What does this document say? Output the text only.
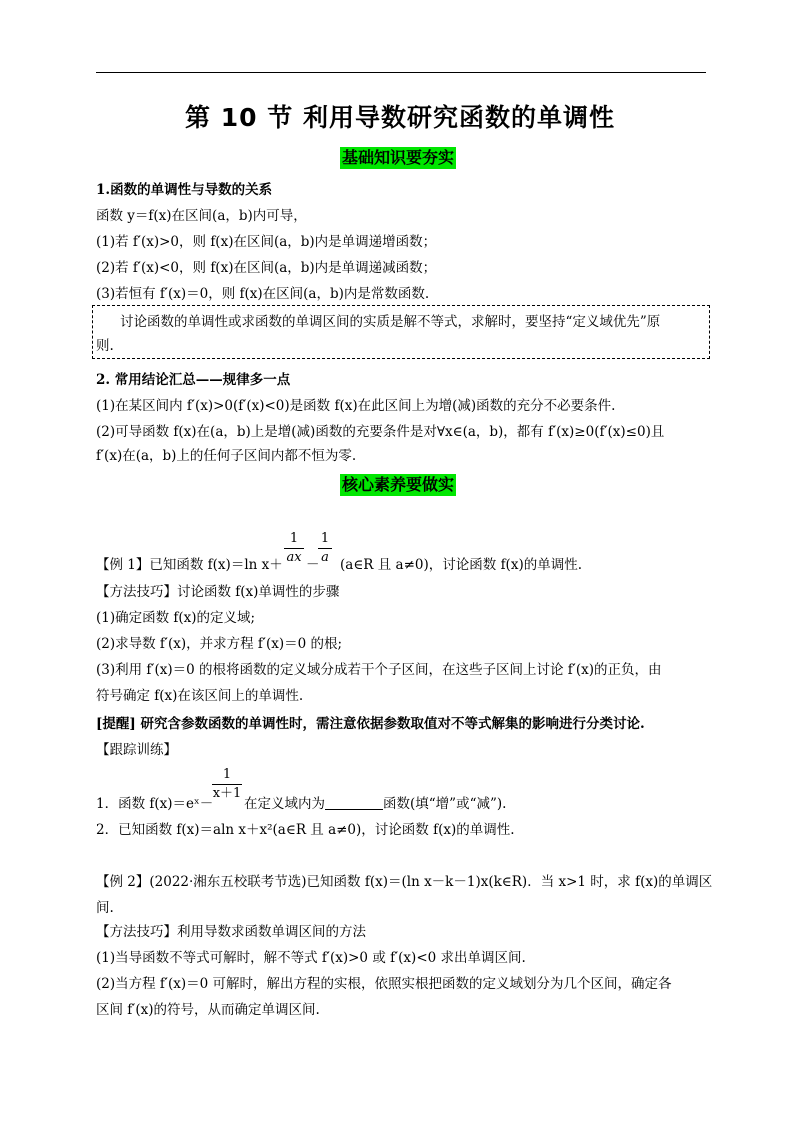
第 10 节 利用导数研究函数的单调性
基础知识要夯实
1.函数的单调性与导数的关系
函数 y＝f(x)在区间(a，b)内可导，
(1)若 f′(x)>0，则 f(x)在区间(a，b)内是单调递增函数；
(2)若 f′(x)<0，则 f(x)在区间(a，b)内是单调递减函数；
(3)若恒有 f′(x)＝0，则 f(x)在区间(a，b)内是常数函数.
讨论函数的单调性或求函数的单调区间的实质是解不等式，求解时，要坚持“定义域优先”原
则.
2. 常用结论汇总——规律多一点
(1)在某区间内 f′(x)>0(f′(x)<0)是函数 f(x)在此区间上为增(减)函数的充分不必要条件.
(2)可导函数 f(x)在(a，b)上是增(减)函数的充要条件是对∀x∈(a，b)，都有 f′(x)≥0(f′(x)≤0)且
f′(x)在(a，b)上的任何子区间内都不恒为零.
核心素养要做实
1
ax
1
a
【例 1】已知函数 f(x)＝ln x＋ － (a∈R 且 a≠0)，讨论函数 f(x)的单调性.
【方法技巧】讨论函数 f(x)单调性的步骤
(1)确定函数 f(x)的定义域;
(2)求导数 f′(x)，并求方程 f′(x)＝0 的根;
(3)利用 f′(x)＝0 的根将函数的定义域分成若干个子区间，在这些子区间上讨论 f′(x)的正负，由
符号确定 f(x)在该区间上的单调性.
[提醒] 研究含参数函数的单调性时，需注意依据参数取值对不等式解集的影响进行分类讨论.
【跟踪训练】
1
x＋1
1．函数 f(x)＝eˣ－ 在定义域内为	函数(填“增”或“减”).
2．已知函数 f(x)＝aln x＋x²(a∈R 且 a≠0)，讨论函数 f(x)的单调性.
【例 2】(2022·湘东五校联考节选)已知函数 f(x)＝(ln x－k－1)x(k∈R)．当 x>1 时，求 f(x)的单调区
间.
【方法技巧】利用导数求函数单调区间的方法
(1)当导函数不等式可解时，解不等式 f′(x)>0 或 f′(x)<0 求出单调区间.
(2)当方程 f′(x)＝0 可解时，解出方程的实根，依照实根把函数的定义域划分为几个区间，确定各
区间 f′(x)的符号，从而确定单调区间.
